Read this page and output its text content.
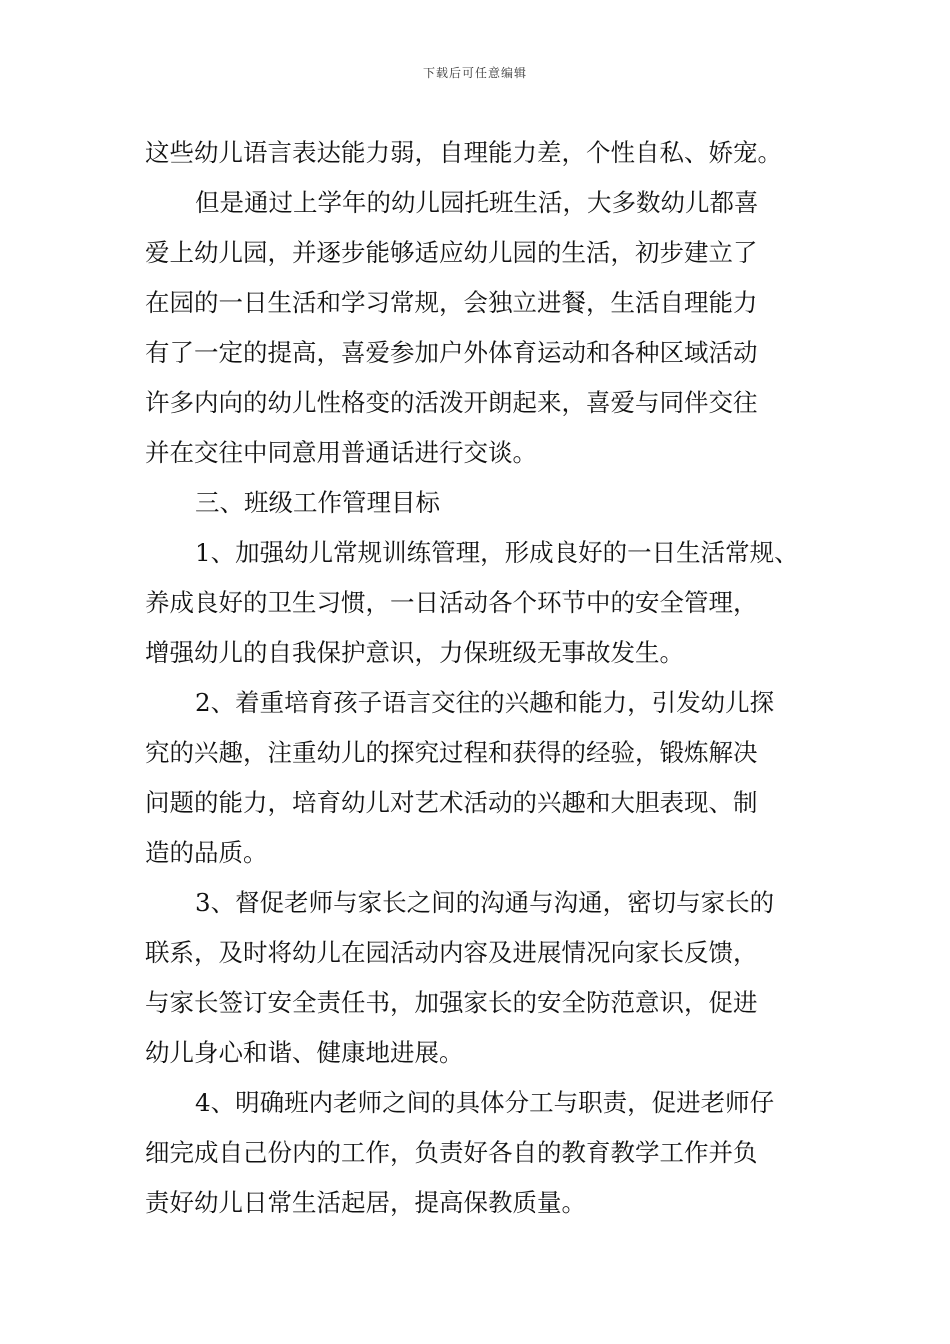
下载后可任意编辑
这些幼儿语言表达能力弱，自理能力差，个性自私、娇宠。
但是通过上学年的幼儿园托班生活，大多数幼儿都喜
爱上幼儿园，并逐步能够适应幼儿园的生活，初步建立了
在园的一日生活和学习常规，会独立进餐，生活自理能力
有了一定的提高，喜爱参加户外体育运动和各种区域活动
许多内向的幼儿性格变的活泼开朗起来，喜爱与同伴交往
并在交往中同意用普通话进行交谈。
三、班级工作管理目标
1、加强幼儿常规训练管理，形成良好的一日生活常规、
养成良好的卫生习惯，一日活动各个环节中的安全管理，
增强幼儿的自我保护意识，力保班级无事故发生。
2、着重培育孩子语言交往的兴趣和能力，引发幼儿探
究的兴趣，注重幼儿的探究过程和获得的经验，锻炼解决
问题的能力，培育幼儿对艺术活动的兴趣和大胆表现、制
造的品质。
3、督促老师与家长之间的沟通与沟通，密切与家长的
联系，及时将幼儿在园活动内容及进展情况向家长反馈，
与家长签订安全责任书，加强家长的安全防范意识，促进
幼儿身心和谐、健康地进展。
4、明确班内老师之间的具体分工与职责，促进老师仔
细完成自己份内的工作，负责好各自的教育教学工作并负
责好幼儿日常生活起居，提高保教质量。
